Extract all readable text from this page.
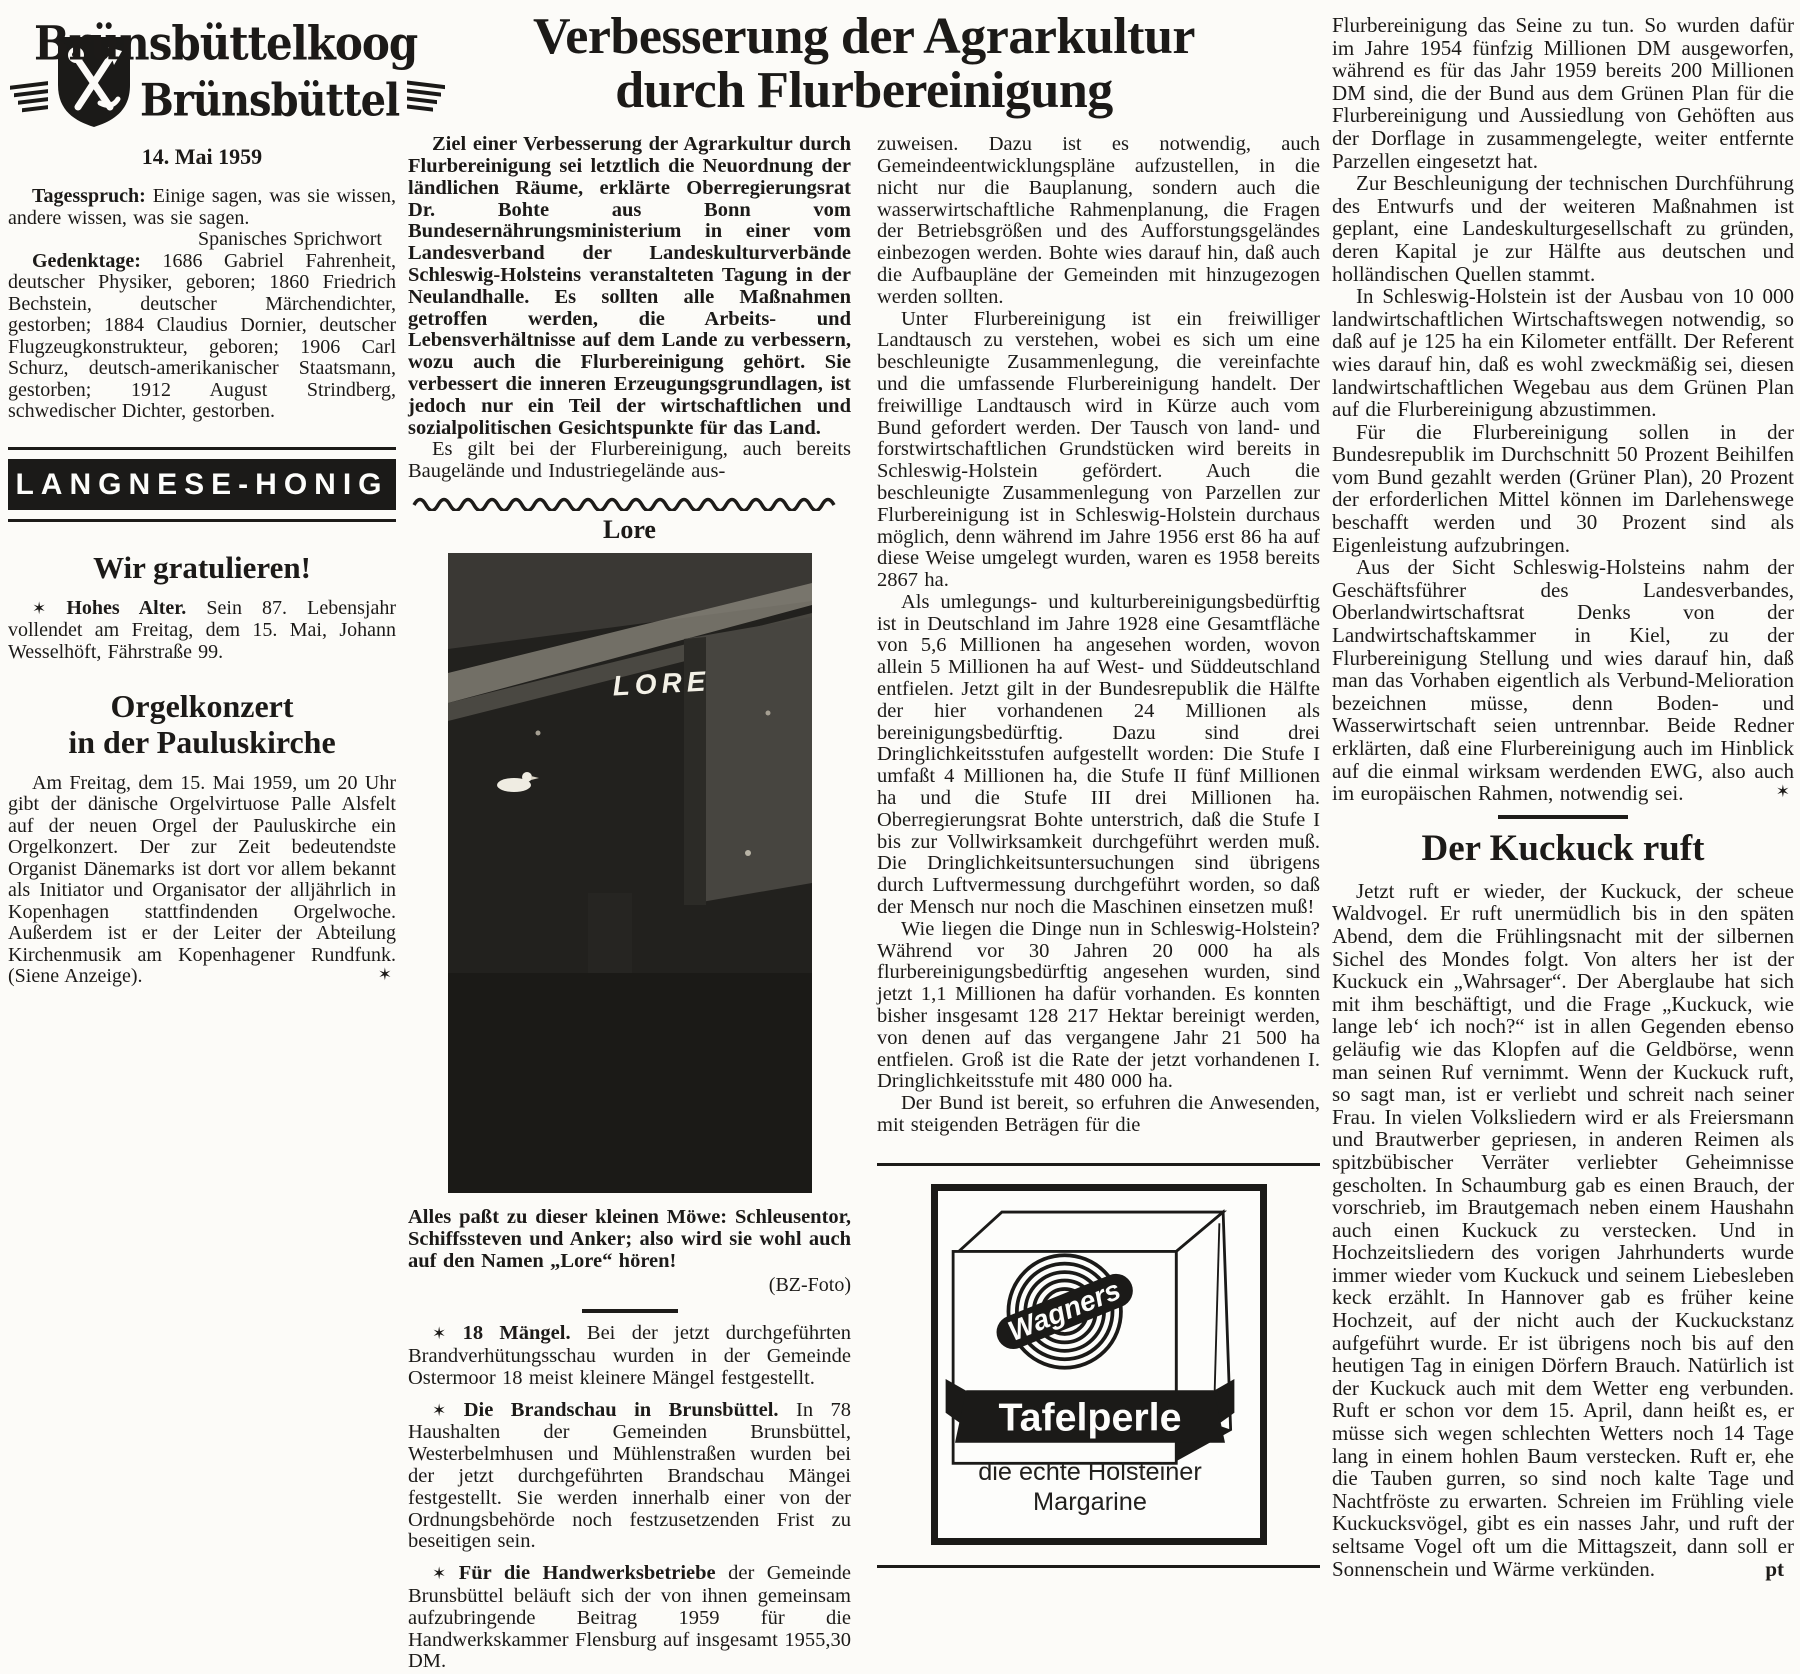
Brünsbüttelkoog
Brünsbüttel
14. Mai 1959

Tagesspruch: Einige sagen, was sie wissen, andere wissen, was sie sagen.

Spanisches Sprichwort

Gedenktage: 1686 Gabriel Fahrenheit, deutscher Physiker, geboren; 1860 Friedrich Bechstein, deutscher Märchendichter, gestorben; 1884 Claudius Dornier, deutscher Flugzeugkonstrukteur, geboren; 1906 Carl Schurz, deutsch-amerikanischer Staatsmann, gestorben; 1912 August Strindberg, schwedischer Dichter, gestorben.

LANGNESE-HONIG
Wir gratulieren!

✶ Hohes Alter. Sein 87. Lebensjahr vollendet am Freitag, dem 15. Mai, Johann Wesselhöft, Fährstraße 99.

Orgelkonzert
in der Pauluskirche

Am Freitag, dem 15. Mai 1959, um 20 Uhr gibt der dänische Orgelvirtuose Palle Alsfelt auf der neuen Orgel der Pauluskirche ein Orgelkonzert. Der zur Zeit bedeutendste Organist Dänemarks ist dort vor allem bekannt als Initiator und Organisator der alljährlich in Kopenhagen stattfindenden Orgelwoche. Außerdem ist er der Leiter der Abteilung Kirchenmusik am Kopenhagener Rundfunk. (Siene Anzeige).	✶

Verbesserung der Agrarkultur
durch Flurbereinigung

Ziel einer Verbesserung der Agrarkultur durch Flurbereinigung sei letztlich die Neuordnung der ländlichen Räume, erklärte Oberregierungsrat Dr. Bohte aus Bonn vom Bundesernährungsministerium in einer vom Landesverband der Landeskulturverbände Schleswig-Holsteins veranstalteten Tagung in der Neulandhalle. Es sollten alle Maßnahmen getroffen werden, die Arbeits- und Lebensverhältnisse auf dem Lande zu verbessern, wozu auch die Flurbereinigung gehört. Sie verbessert die inneren Erzeugungsgrundlagen, ist jedoch nur ein Teil der wirtschaftlichen und sozialpolitischen Gesichtspunkte für das Land.

Es gilt bei der Flurbereinigung, auch bereits Baugelände und Industriegelände aus-

Lore
LORE

Alles paßt zu dieser kleinen Möwe: Schleusentor, Schiffssteven und Anker; also wird sie wohl auch auf den Namen „Lore“ hören!

(BZ-Foto)

✶ 18 Mängel. Bei der jetzt durchgeführten Brandverhütungsschau wurden in der Gemeinde Ostermoor 18 meist kleinere Mängel festgestellt.

✶ Die Brandschau in Brunsbüttel. In 78 Haushalten der Gemeinden Brunsbüttel, Westerbelmhusen und Mühlenstraßen wurden bei der jetzt durchgeführten Brandschau Mängei festgestellt. Sie werden innerhalb einer von der Ordnungsbehörde noch festzusetzenden Frist zu beseitigen sein.

✶ Für die Handwerksbetriebe der Gemeinde Brunsbüttel beläuft sich der von ihnen gemeinsam aufzubringende Beitrag 1959 für die Handwerkskammer Flensburg auf insgesamt 1955,30 DM.

zuweisen. Dazu ist es notwendig, auch Gemeindeentwicklungspläne aufzustellen, in die nicht nur die Bauplanung, sondern auch die wasserwirtschaftliche Rahmenplanung, die Fragen der Betriebsgrößen und des Aufforstungsgeländes einbezogen werden. Bohte wies darauf hin, daß auch die Aufbaupläne der Gemeinden mit hinzugezogen werden sollten.

Unter Flurbereinigung ist ein freiwilliger Landtausch zu verstehen, wobei es sich um eine beschleunigte Zusammenlegung, die vereinfachte und die umfassende Flurbereinigung handelt. Der freiwillige Landtausch wird in Kürze auch vom Bund gefordert werden. Der Tausch von land- und forstwirtschaftlichen Grundstücken wird bereits in Schleswig-Holstein gefördert. Auch die beschleunigte Zusammenlegung von Parzellen zur Flurbereinigung ist in Schleswig-Holstein durchaus möglich, denn während im Jahre 1956 erst 86 ha auf diese Weise umgelegt wurden, waren es 1958 bereits 2867 ha.

Als umlegungs- und kulturbereinigungsbedürftig ist in Deutschland im Jahre 1928 eine Gesamtfläche von 5,6 Millionen ha angesehen worden, wovon allein 5 Millionen ha auf West- und Süddeutschland entfielen. Jetzt gilt in der Bundesrepublik die Hälfte der hier vorhandenen 24 Millionen als bereinigungsbedürftig. Dazu sind drei Dringlichkeitsstufen aufgestellt worden: Die Stufe I umfaßt 4 Millionen ha, die Stufe II fünf Millionen ha und die Stufe III drei Millionen ha. Oberregierungsrat Bohte unterstrich, daß die Stufe I bis zur Vollwirksamkeit durchgeführt werden muß. Die Dringlichkeitsuntersuchungen sind übrigens durch Luftvermessung durchgeführt worden, so daß der Mensch nur noch die Maschinen einsetzen muß!

Wie liegen die Dinge nun in Schleswig-Holstein? Während vor 30 Jahren 20 000 ha als flurbereinigungsbedürftig angesehen wurden, sind jetzt 1,1 Millionen ha dafür vorhanden. Es konnten bisher insgesamt 128 217 Hektar bereinigt werden, von denen auf das vergangene Jahr 21 500 ha entfielen. Groß ist die Rate der jetzt vorhandenen I. Dringlichkeitsstufe mit 480 000 ha.

Der Bund ist bereit, so erfuhren die Anwesenden, mit steigenden Beträgen für die

Wagners
Tafelperle
die echte Holsteiner
Margarine

Flurbereinigung das Seine zu tun. So wurden dafür im Jahre 1954 fünfzig Millionen DM ausgeworfen, während es für das Jahr 1959 bereits 200 Millionen DM sind, die der Bund aus dem Grünen Plan für die Flurbereinigung und Aussiedlung von Gehöften aus der Dorflage in zusammengelegte, weiter entfernte Parzellen eingesetzt hat.

Zur Beschleunigung der technischen Durchführung des Entwurfs und der weiteren Maßnahmen ist geplant, eine Landeskulturgesellschaft zu gründen, deren Kapital je zur Hälfte aus deutschen und holländischen Quellen stammt.

In Schleswig-Holstein ist der Ausbau von 10 000 landwirtschaftlichen Wirtschaftswegen notwendig, so daß auf je 125 ha ein Kilometer entfällt. Der Referent wies darauf hin, daß es wohl zweckmäßig sei, diesen landwirtschaftlichen Wegebau aus dem Grünen Plan auf die Flurbereinigung abzustimmen.

Für die Flurbereinigung sollen in der Bundesrepublik im Durchschnitt 50 Prozent Beihilfen vom Bund gezahlt werden (Grüner Plan), 20 Prozent der erforderlichen Mittel können im Darlehenswege beschafft werden und 30 Prozent sind als Eigenleistung aufzubringen.

Aus der Sicht Schleswig-Holsteins nahm der Geschäftsführer des Landesverbandes, Oberlandwirtschaftsrat Denks von der Landwirtschaftskammer in Kiel, zu der Flurbereinigung Stellung und wies darauf hin, daß man das Vorhaben eigentlich als Verbund-Melioration bezeichnen müsse, denn Boden- und Wasserwirtschaft seien untrennbar. Beide Redner erklärten, daß eine Flurbereinigung auch im Hinblick auf die einmal wirksam werdenden EWG, also auch im europäischen Rahmen, notwendig sei.	✶

Der Kuckuck ruft

Jetzt ruft er wieder, der Kuckuck, der scheue Waldvogel. Er ruft unermüdlich bis in den späten Abend, dem die Frühlingsnacht mit der silbernen Sichel des Mondes folgt. Von alters her ist der Kuckuck ein „Wahrsager“. Der Aberglaube hat sich mit ihm beschäftigt, und die Frage „Kuckuck, wie lange leb‘ ich noch?“ ist in allen Gegenden ebenso geläufig wie das Klopfen auf die Geldbörse, wenn man seinen Ruf vernimmt. Wenn der Kuckuck ruft, so sagt man, ist er verliebt und schreit nach seiner Frau. In vielen Volksliedern wird er als Freiersmann und Brautwerber gepriesen, in anderen Reimen als spitzbübischer Verräter verliebter Geheimnisse gescholten. In Schaumburg gab es einen Brauch, der vorschrieb, im Brautgemach neben einem Haushahn auch einen Kuckuck zu verstecken. Und in Hochzeitsliedern des vorigen Jahrhunderts wurde immer wieder vom Kuckuck und seinem Liebesleben keck erzählt. In Hannover gab es früher keine Hochzeit, auf der nicht auch der Kuckuckstanz aufgeführt wurde. Er ist übrigens noch bis auf den heutigen Tag in einigen Dörfern Brauch. Natürlich ist der Kuckuck auch mit dem Wetter eng verbunden. Ruft er schon vor dem 15. April, dann heißt es, er müsse sich wegen schlechten Wetters noch 14 Tage lang in einem hohlen Baum verstecken. Ruft er, ehe die Tauben gurren, so sind noch kalte Tage und Nachtfröste zu erwarten. Schreien im Frühling viele Kuckucksvögel, gibt es ein nasses Jahr, und ruft der seltsame Vogel oft um die Mittagszeit, dann soll er Sonnenschein und Wärme verkünden.	pt
